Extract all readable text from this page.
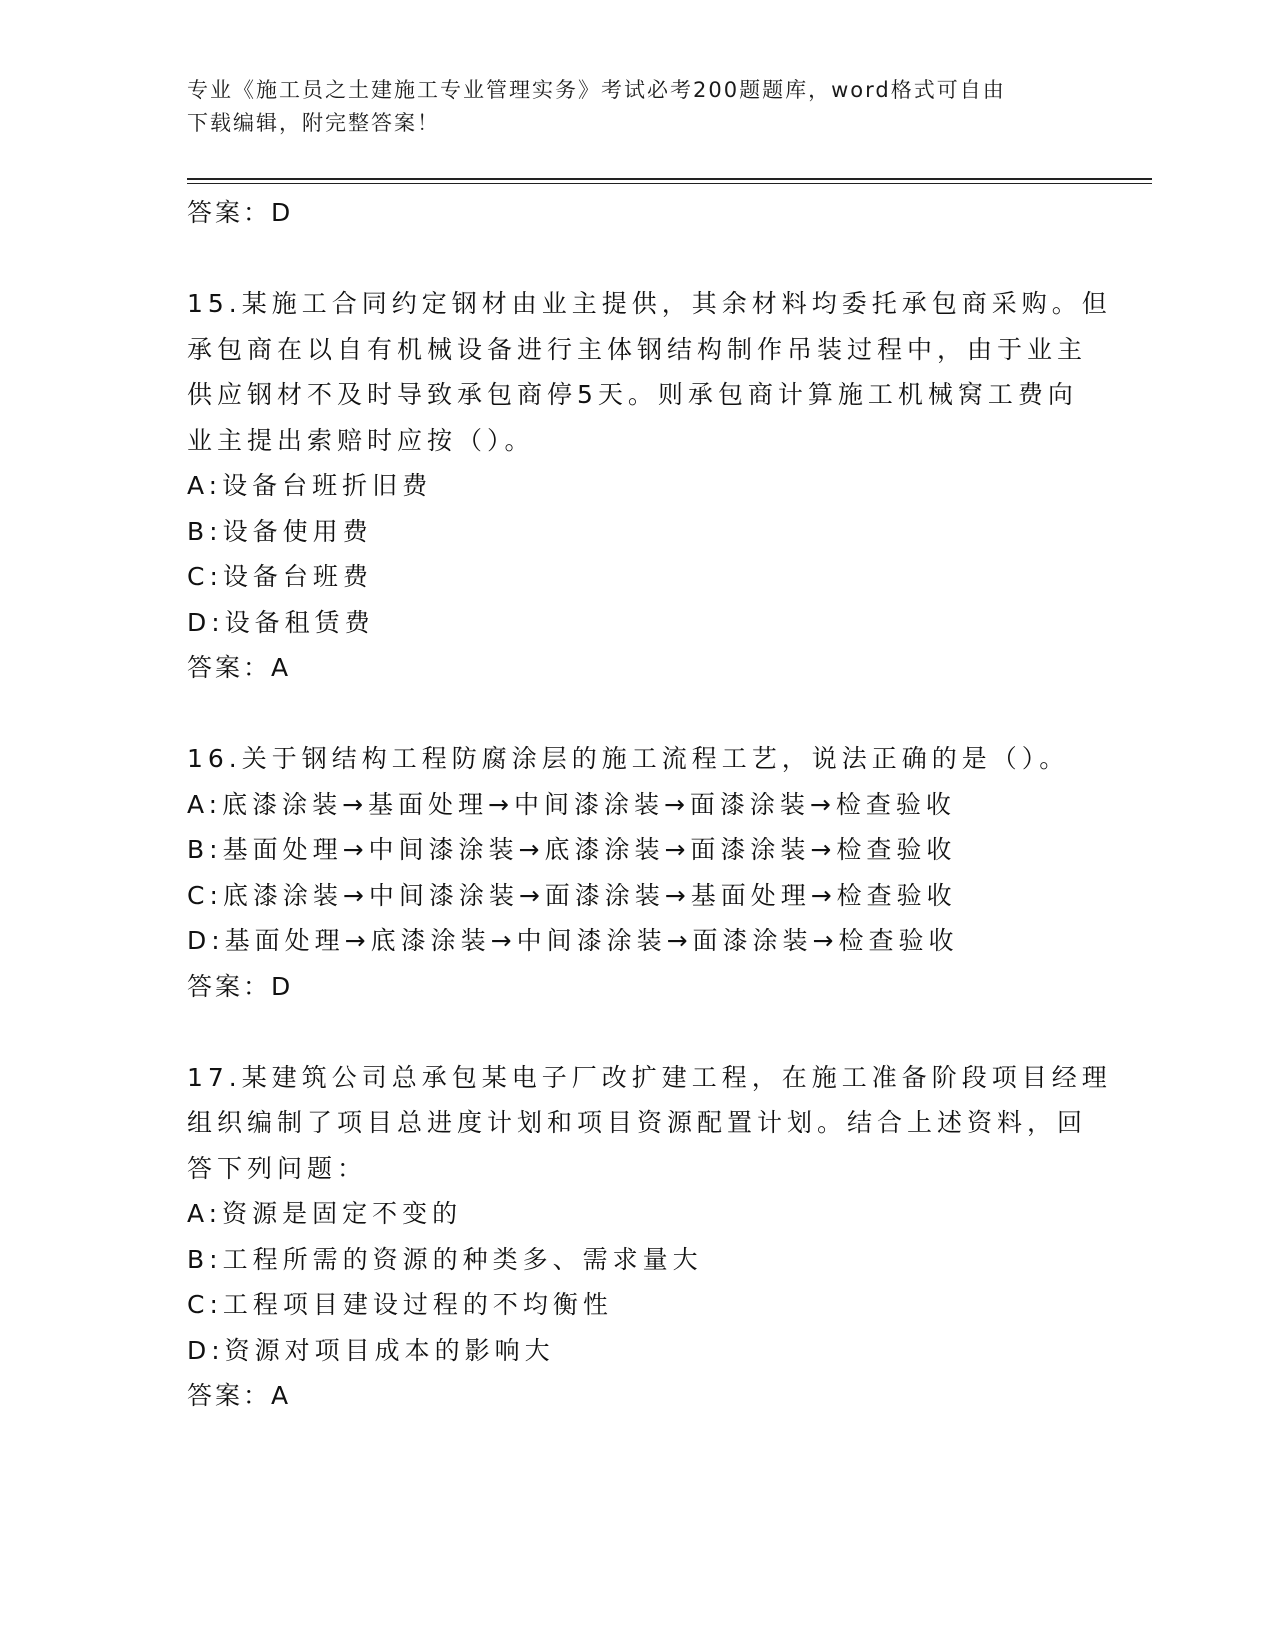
专业《施工员之土建施工专业管理实务》考试必考200题题库，word格式可自由
下载编辑，附完整答案！
答案：D
15.某施工合同约定钢材由业主提供，其余材料均委托承包商采购。但
承包商在以自有机械设备进行主体钢结构制作吊装过程中，由于业主
供应钢材不及时导致承包商停5天。则承包商计算施工机械窝工费向
业主提出索赔时应按（）。
A:设备台班折旧费
B:设备使用费
C:设备台班费
D:设备租赁费
答案：A
16.关于钢结构工程防腐涂层的施工流程工艺，说法正确的是（）。
A:底漆涂装→基面处理→中间漆涂装→面漆涂装→检查验收
B:基面处理→中间漆涂装→底漆涂装→面漆涂装→检查验收
C:底漆涂装→中间漆涂装→面漆涂装→基面处理→检查验收
D:基面处理→底漆涂装→中间漆涂装→面漆涂装→检查验收
答案：D
17.某建筑公司总承包某电子厂改扩建工程，在施工准备阶段项目经理
组织编制了项目总进度计划和项目资源配置计划。结合上述资料，回
答下列问题：
A:资源是固定不变的
B:工程所需的资源的种类多、需求量大
C:工程项目建设过程的不均衡性
D:资源对项目成本的影响大
答案：A
